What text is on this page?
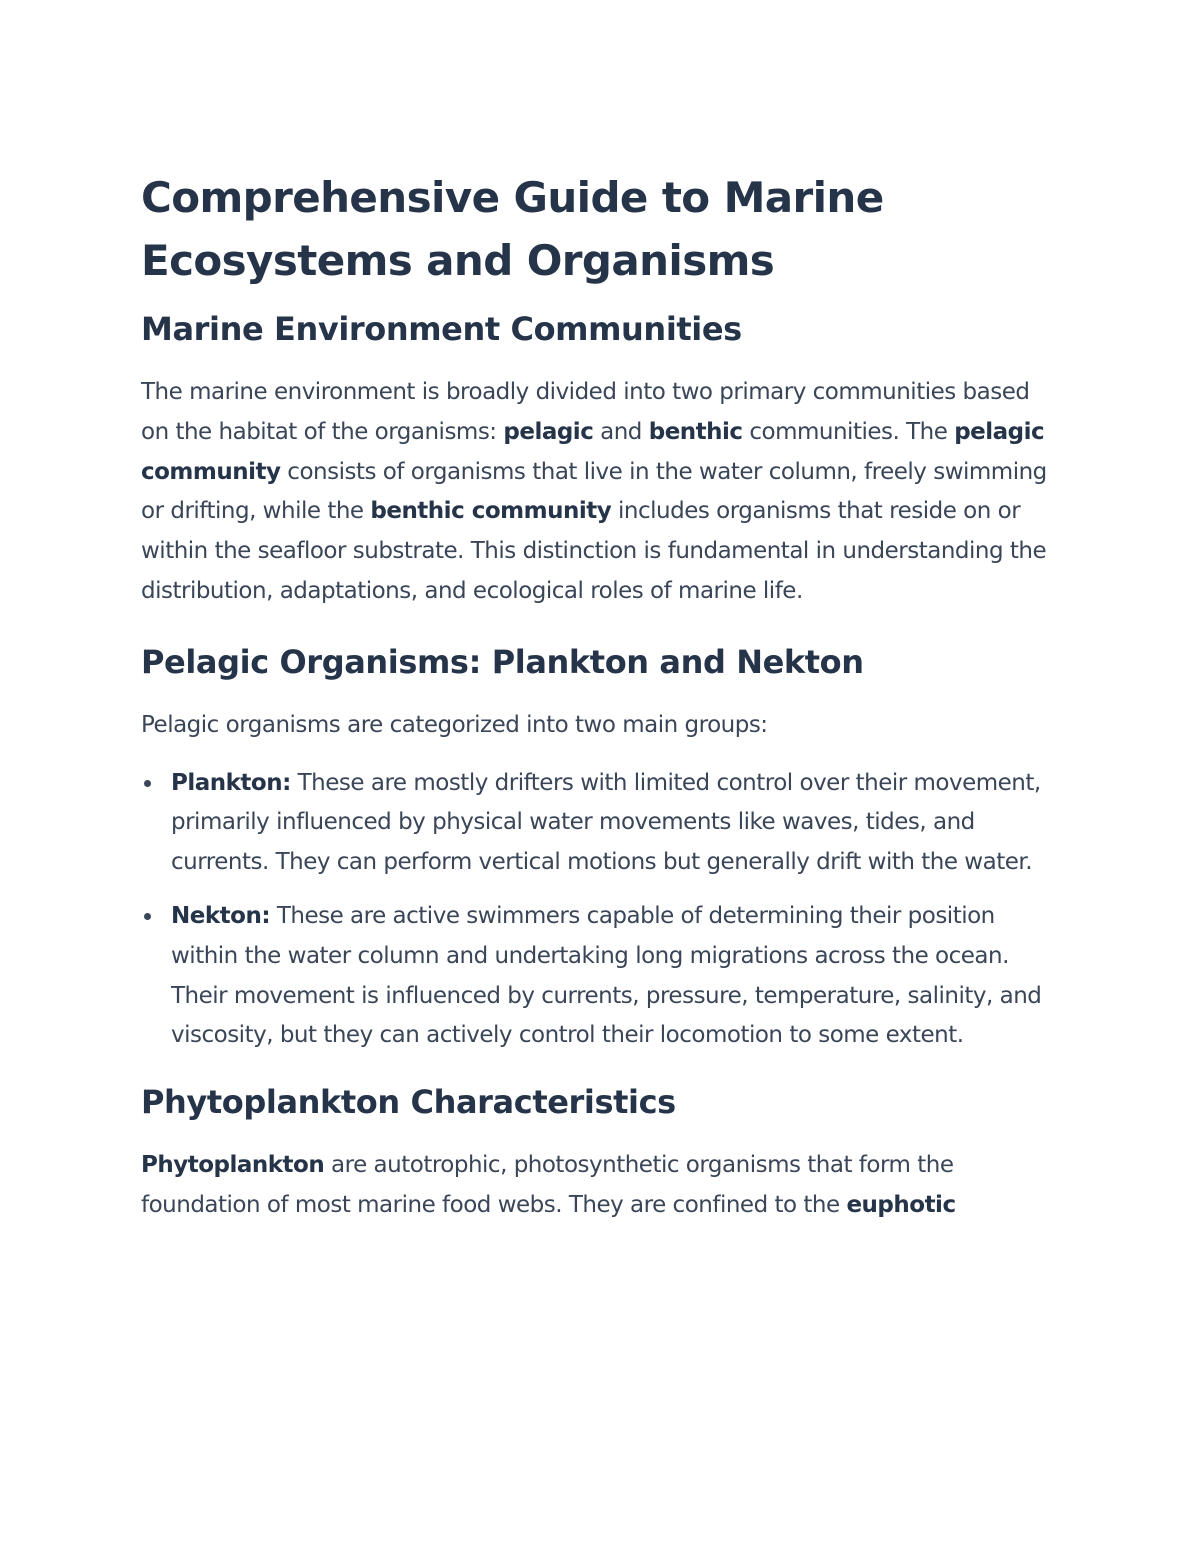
Comprehensive Guide to Marine Ecosystems and Organisms
Marine Environment Communities

The marine environment is broadly divided into two primary communities based on the habitat of the organisms: pelagic and benthic communities. The pelagic community consists of organisms that live in the water column, freely swimming or drifting, while the benthic community includes organisms that reside on or within the seafloor substrate. This distinction is fundamental in understanding the distribution, adaptations, and ecological roles of marine life.

Pelagic Organisms: Plankton and Nekton

Pelagic organisms are categorized into two main groups:

Plankton: These are mostly drifters with limited control over their movement, primarily influenced by physical water movements like waves, tides, and currents. They can perform vertical motions but generally drift with the water.
Nekton: These are active swimmers capable of determining their position within the water column and undertaking long migrations across the ocean. Their movement is influenced by currents, pressure, temperature, salinity, and viscosity, but they can actively control their locomotion to some extent.
Phytoplankton Characteristics

Phytoplankton are autotrophic, photosynthetic organisms that form the foundation of most marine food webs. They are confined to the euphotic
